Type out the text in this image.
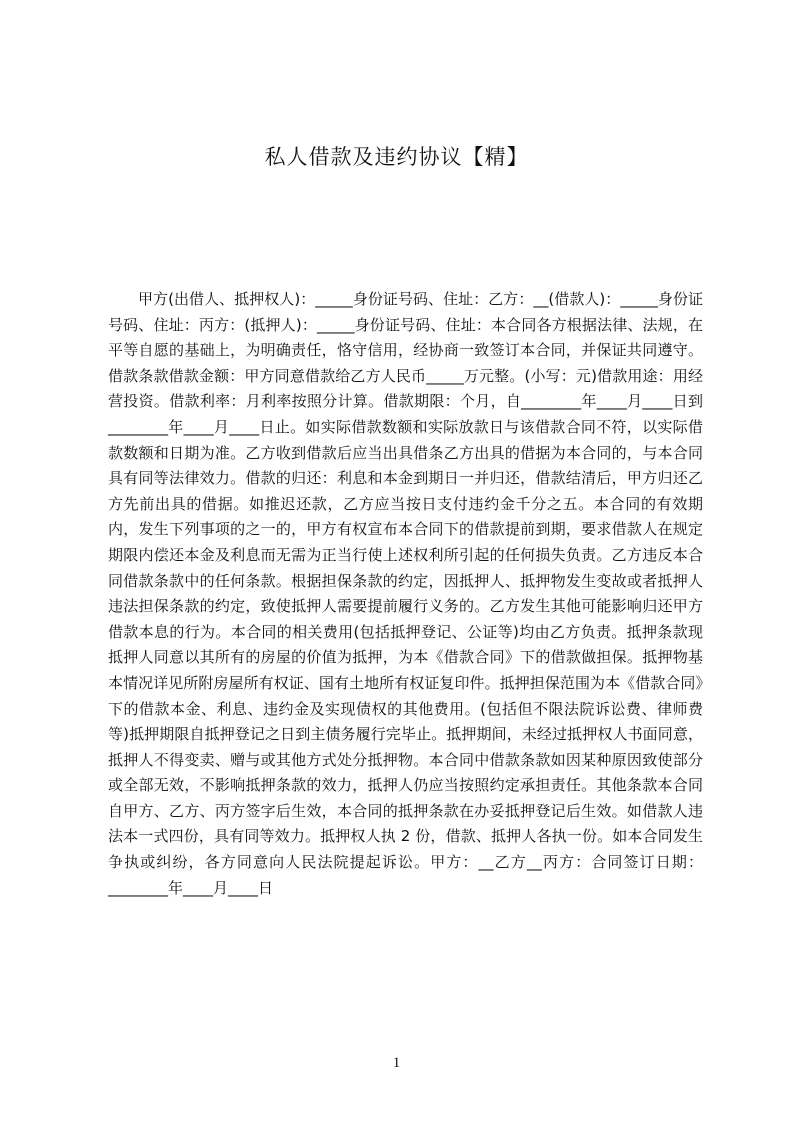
私人借款及违约协议【精】

甲方(出借人、抵押权人)：_____身份证号码、住址：乙方：__(借款人)：_____身份证号码、住址：丙方：(抵押人)：_____身份证号码、住址：本合同各方根据法律、法规，在平等自愿的基础上，为明确责任，恪守信用，经协商一致签订本合同，并保证共同遵守。借款条款借款金额：甲方同意借款给乙方人民币_____万元整。(小写：元)借款用途：用经营投资。借款利率：月利率按照分计算。借款期限：个月，自________年____月____日到________年____月____日止。如实际借款数额和实际放款日与该借款合同不符，以实际借款数额和日期为准。乙方收到借款后应当出具借条乙方出具的借据为本合同的，与本合同具有同等法律效力。借款的归还：利息和本金到期日一并归还，借款结清后，甲方归还乙方先前出具的借据。如推迟还款，乙方应当按日支付违约金千分之五。本合同的有效期内，发生下列事项的之一的，甲方有权宣布本合同下的借款提前到期，要求借款人在规定期限内偿还本金及利息而无需为正当行使上述权利所引起的任何损失负责。乙方违反本合同借款条款中的任何条款。根据担保条款的约定，因抵押人、抵押物发生变故或者抵押人违法担保条款的约定，致使抵押人需要提前履行义务的。乙方发生其他可能影响归还甲方借款本息的行为。本合同的相关费用(包括抵押登记、公证等)均由乙方负责。抵押条款现抵押人同意以其所有的房屋的价值为抵押，为本《借款合同》下的借款做担保。抵押物基本情况详见所附房屋所有权证、国有土地所有权证复印件。抵押担保范围为本《借款合同》下的借款本金、利息、违约金及实现债权的其他费用。(包括但不限法院诉讼费、律师费等)抵押期限自抵押登记之日到主债务履行完毕止。抵押期间，未经过抵押权人书面同意，抵押人不得变卖、赠与或其他方式处分抵押物。本合同中借款条款如因某种原因致使部分或全部无效，不影响抵押条款的效力，抵押人仍应当按照约定承担责任。其他条款本合同自甲方、乙方、丙方签字后生效，本合同的抵押条款在办妥抵押登记后生效。如借款人违法本一式四份，具有同等效力。抵押权人执 2 份，借款、抵押人各执一份。如本合同发生争执或纠纷，各方同意向人民法院提起诉讼。甲方：__乙方__丙方：合同签订日期：________年____月____日

1
